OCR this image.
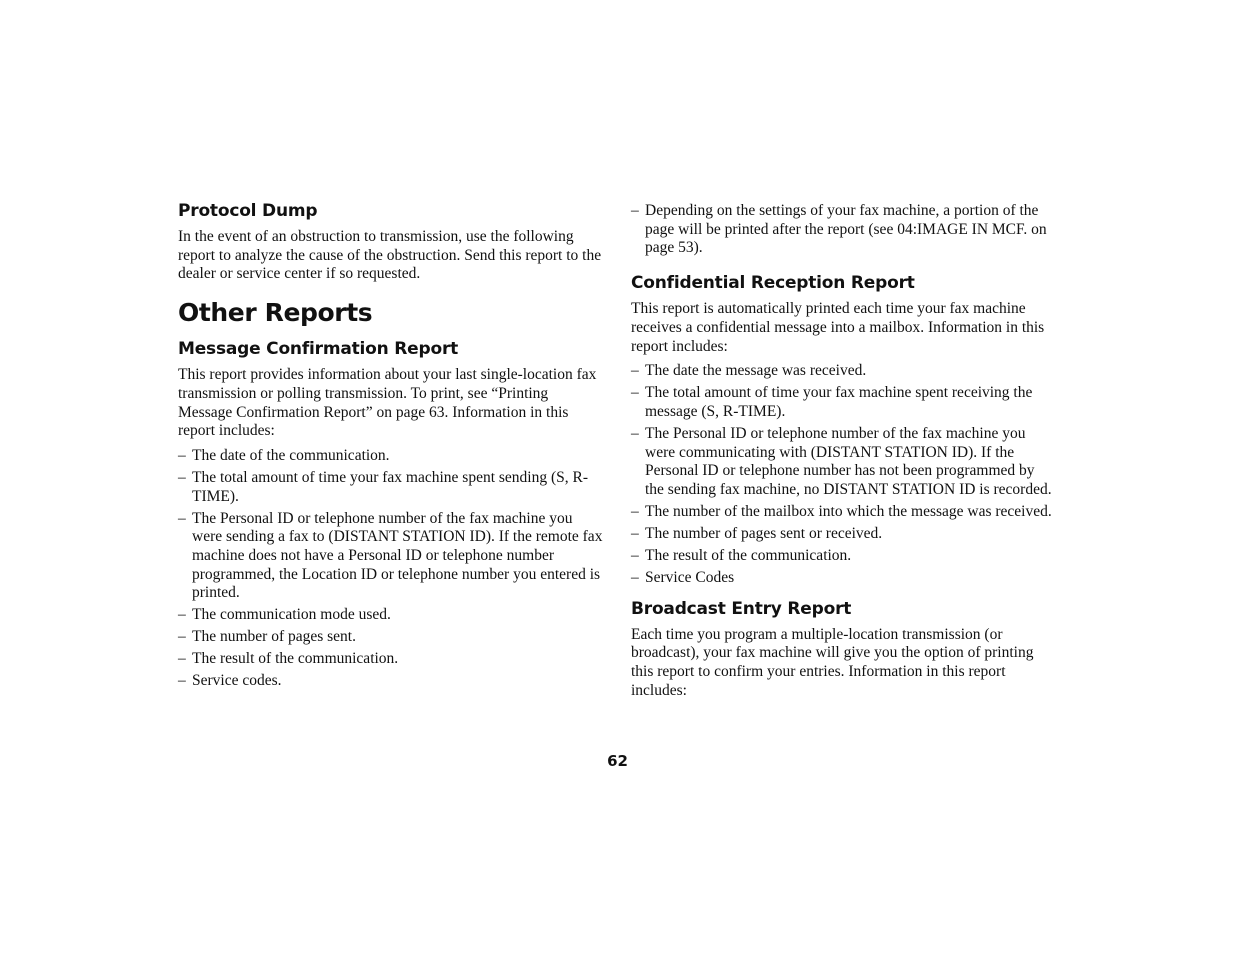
Protocol Dump

In the event of an obstruction to transmission, use the following report to analyze the cause of the obstruction. Send this report to the dealer or service center if so requested.

Other Reports
Message Confirmation Report

This report provides information about your last single-location fax transmission or polling transmission. To print, see “Printing Message Confirmation Report” on page 63. Information in this report includes:

– The date of the communication.
– The total amount of time your fax machine spent sending (S, R-TIME).
– The Personal ID or telephone number of the fax machine you were sending a fax to (DISTANT STATION ID). If the remote fax machine does not have a Personal ID or telephone number programmed, the Location ID or telephone number you entered is printed.
– The communication mode used.
– The number of pages sent.
– The result of the communication.
– Service codes.
– Depending on the settings of your fax machine, a portion of the page will be printed after the report (see 04:IMAGE IN MCF. on page 53).
Confidential Reception Report

This report is automatically printed each time your fax machine receives a confidential message into a mailbox. Information in this report includes:

– The date the message was received.
– The total amount of time your fax machine spent receiving the message (S, R-TIME).
– The Personal ID or telephone number of the fax machine you were communicating with (DISTANT STATION ID). If the Personal ID or telephone number has not been programmed by the sending fax machine, no DISTANT STATION ID is recorded.
– The number of the mailbox into which the message was received.
– The number of pages sent or received.
– The result of the communication.
– Service Codes
Broadcast Entry Report

Each time you program a multiple-location transmission (or broadcast), your fax machine will give you the option of printing this report to confirm your entries. Information in this report includes:

62
